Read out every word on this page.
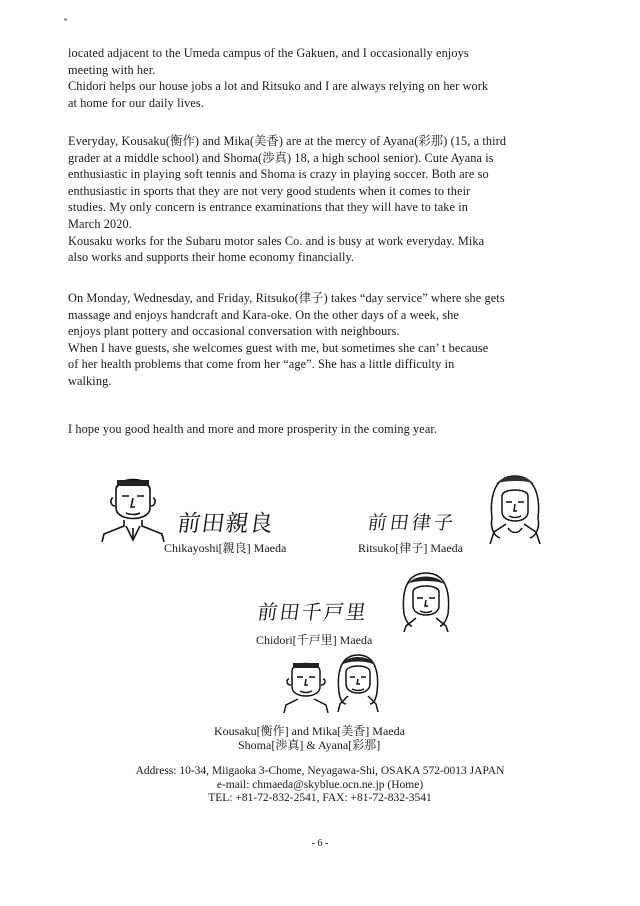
located adjacent to the Umeda campus of the Gakuen, and I occasionally enjoys
meeting with her.
Chidori helps our house jobs a lot and Ritsuko and I are always relying on her work
at home for our daily lives.
Everyday, Kousaku(衡作) and Mika(美香) are at the mercy of Ayana(彩那) (15, a third
grader at a middle school) and Shoma(渉真) 18, a high school senior). Cute Ayana is
enthusiastic in playing soft tennis and Shoma is crazy in playing soccer. Both are so
enthusiastic in sports that they are not very good students when it comes to their
studies. My only concern is entrance examinations that they will have to take in
March 2020.
Kousaku works for the Subaru motor sales Co. and is busy at work everyday. Mika
also works and supports their home economy financially.
On Monday, Wednesday, and Friday, Ritsuko(律子) takes “day service” where she gets
massage and enjoys handcraft and Kara-oke. On the other days of a week, she
enjoys plant pottery and occasional conversation with neighbours.
When I have guests, she welcomes guest with me, but sometimes she can’ t because
of her health problems that come from her “age”. She has a little difficulty in
walking.
I hope you good health and more and more prosperity in the coming year.
前田親良
Chikayoshi[親良] Maeda
前田律子
Ritsuko[律子] Maeda
前田千戸里
Chidori[千戸里] Maeda
Kousaku[衡作] and Mika[美香] Maeda
Shoma[渉真] & Ayana[彩那]
Address: 10-34, Miigaoka 3-Chome, Neyagawa-Shi, OSAKA 572-0013 JAPAN
e-mail: chmaeda@skyblue.ocn.ne.jp (Home)
TEL: +81-72-832-2541, FAX: +81-72-832-3541
- 6 -
